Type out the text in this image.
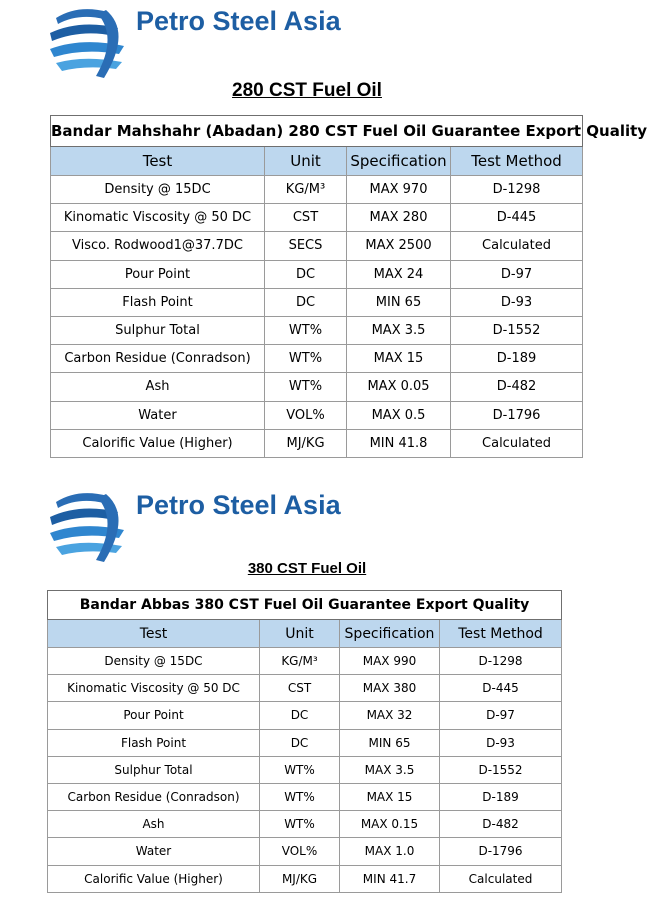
Petro Steel Asia
280 CST Fuel Oil
Bandar Mahshahr (Abadan) 280 CST Fuel Oil Guarantee Export Quality			
Test	Unit	Specification	Test Method
Density @ 15DC	KG/M³	MAX 970	D-1298
Kinomatic Viscosity @ 50 DC	CST	MAX 280	D-445
Visco. Rodwood1@37.7DC	SECS	MAX 2500	Calculated
Pour Point	DC	MAX 24	D-97
Flash Point	DC	MIN 65	D-93
Sulphur Total	WT%	MAX 3.5	D-1552
Carbon Residue (Conradson)	WT%	MAX 15	D-189
Ash	WT%	MAX 0.05	D-482
Water	VOL%	MAX 0.5	D-1796
Calorific Value (Higher)	MJ/KG	MIN 41.8	Calculated
Petro Steel Asia
380 CST Fuel Oil
Bandar Abbas 380 CST Fuel Oil Guarantee Export Quality			
Test	Unit	Specification	Test Method
Density @ 15DC	KG/M³	MAX 990	D-1298
Kinomatic Viscosity @ 50 DC	CST	MAX 380	D-445
Pour Point	DC	MAX 32	D-97
Flash Point	DC	MIN 65	D-93
Sulphur Total	WT%	MAX 3.5	D-1552
Carbon Residue (Conradson)	WT%	MAX 15	D-189
Ash	WT%	MAX 0.15	D-482
Water	VOL%	MAX 1.0	D-1796
Calorific Value (Higher)	MJ/KG	MIN 41.7	Calculated
